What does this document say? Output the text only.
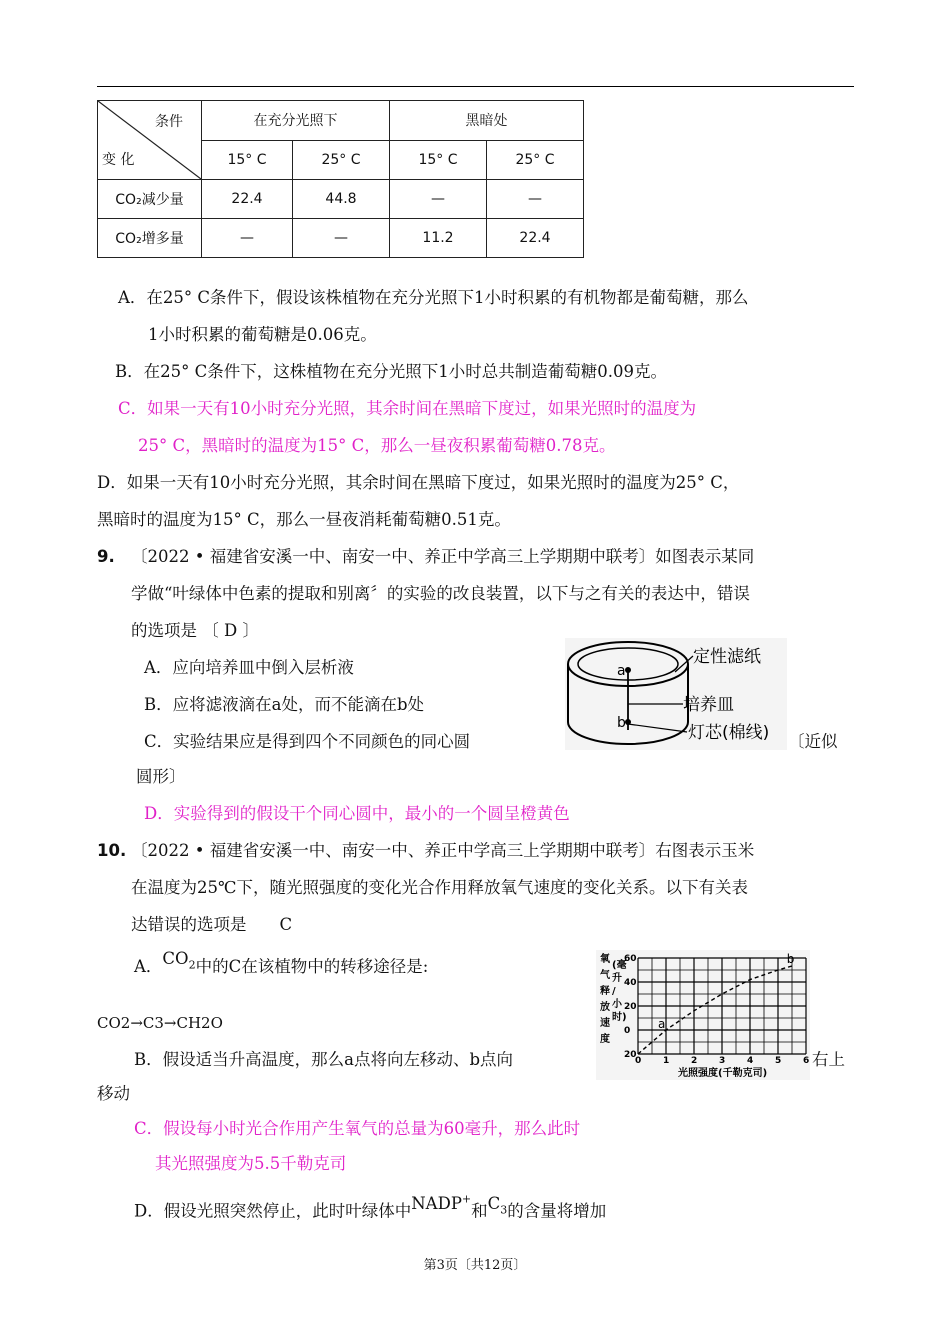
条件
变 化	在充分光照下		黑暗处	
	15° C	25° C	15° C	25° C
CO₂减少量	22.4	44.8	—	—
CO₂增多量	—	—	11.2	22.4
A．在25° C条件下，假设该株植物在充分光照下1小时积累的有机物都是葡萄糖，那么
1小时积累的葡萄糖是0.06克。
B．在25° C条件下，这株植物在充分光照下1小时总共制造葡萄糖0.09克。
C．如果一天有10小时充分光照，其余时间在黑暗下度过，如果光照时的温度为
25° C，黑暗时的温度为15° C，那么一昼夜积累葡萄糖0.78克。
D．如果一天有10小时充分光照，其余时间在黑暗下度过，如果光照时的温度为25° C，
黑暗时的温度为15° C，那么一昼夜消耗葡萄糖0.51克。
9. 〔2022 • 福建省安溪一中、南安一中、养正中学高三上学期期中联考〕如图表示某同
学做“叶绿体中色素的提取和别离〞的实验的改良装置，以下与之有关的表达中，错误
的选项是 〔 D 〕
A．应向培养皿中倒入层析液
B．应将滤液滴在a处，而不能滴在b处
C．实验结果应是得到四个不同颜色的同心圆	〔近似
圆形〕
D．实验得到的假设干个同心圆中，最小的一个圆呈橙黄色
a
b
定性滤纸
培养皿
灯芯(棉线)
10. 〔2022 • 福建省安溪一中、南安一中、养正中学高三上学期期中联考〕右图表示玉米
在温度为25℃下，随光照强度的变化光合作用释放氧气速度的变化关系。以下有关表
达错误的选项是　　C
A．$CO_2$中的C在该植物中的转移途径是:
CO2→C3→CH2O
B．假设适当升高温度，那么a点将向左移动、b点向	右上
移动
C．假设每小时光合作用产生氧气的总量为60毫升，那么此时
其光照强度为5.5千勒克司
D．假设光照突然停止，此时叶绿体中NADP+和$C_3$的含量将增加
a
b
0 1 2 3 4 5 6
20
0
20
40
60
氧气释放速度(毫升/小时)
光照强度(千勒克司)
第3页〔共12页〕
